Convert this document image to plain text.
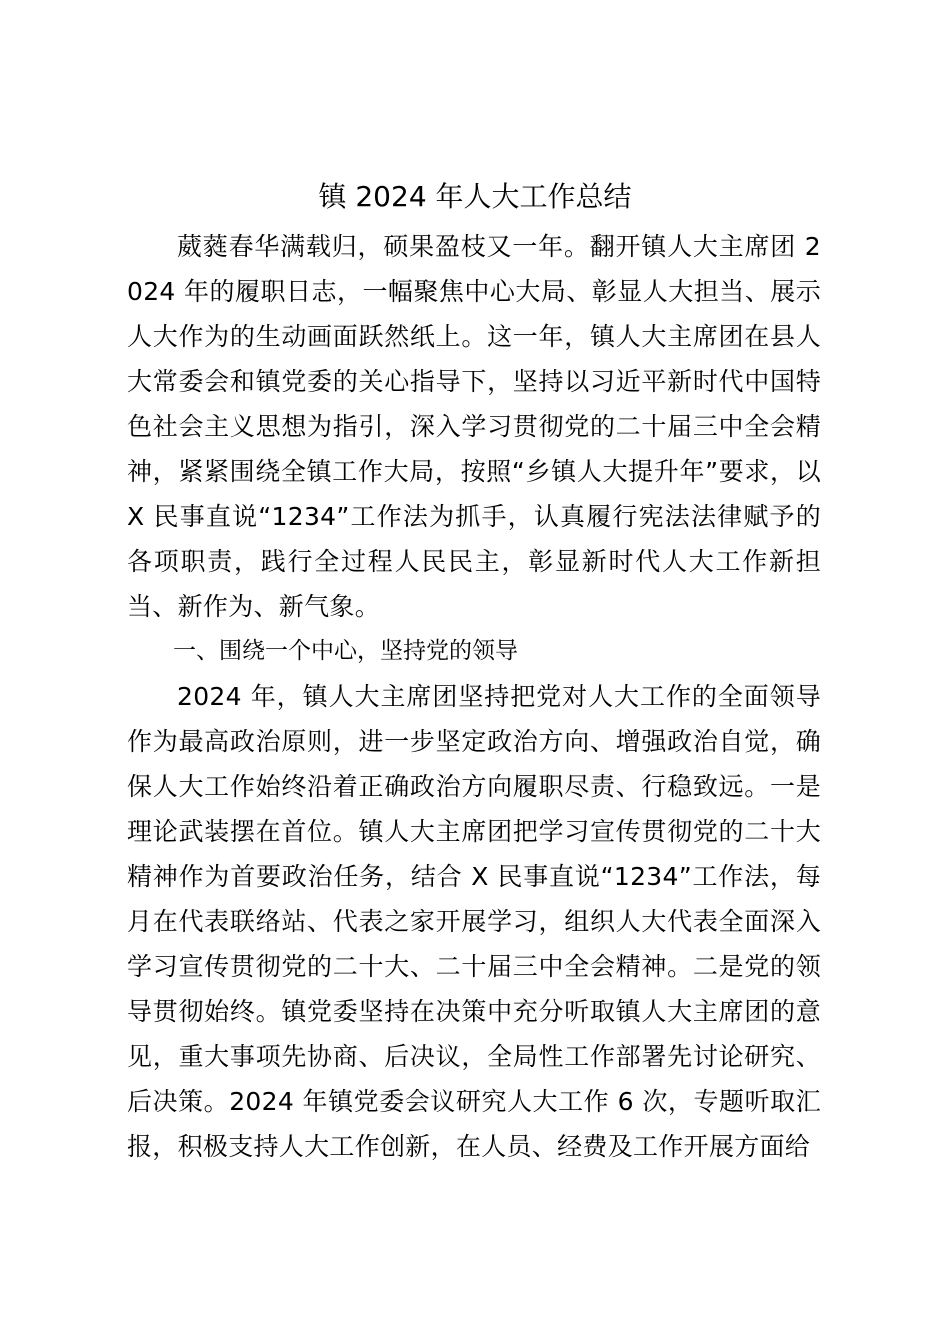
镇 2024 年人大工作总结

葳蕤春华满载归，硕果盈枝又一年。翻开镇人大主席团 2024 年的履职日志，一幅聚焦中心大局、彰显人大担当、展示人大作为的生动画面跃然纸上。这一年，镇人大主席团在县人大常委会和镇党委的关心指导下，坚持以习近平新时代中国特色社会主义思想为指引，深入学习贯彻党的二十届三中全会精神，紧紧围绕全镇工作大局，按照“乡镇人大提升年”要求，以 X 民事直说“1234”工作法为抓手，认真履行宪法法律赋予的各项职责，践行全过程人民民主，彰显新时代人大工作新担当、新作为、新气象。

一、围绕一个中心，坚持党的领导

2024 年，镇人大主席团坚持把党对人大工作的全面领导作为最高政治原则，进一步坚定政治方向、增强政治自觉，确保人大工作始终沿着正确政治方向履职尽责、行稳致远。一是理论武装摆在首位。镇人大主席团把学习宣传贯彻党的二十大精神作为首要政治任务，结合 X 民事直说“1234”工作法，每月在代表联络站、代表之家开展学习，组织人大代表全面深入学习宣传贯彻党的二十大、二十届三中全会精神。二是党的领导贯彻始终。镇党委坚持在决策中充分听取镇人大主席团的意见，重大事项先协商、后决议，全局性工作部署先讨论研究、后决策。2024 年镇党委会议研究人大工作 6 次，专题听取汇报，积极支持人大工作创新，在人员、经费及工作开展方面给
